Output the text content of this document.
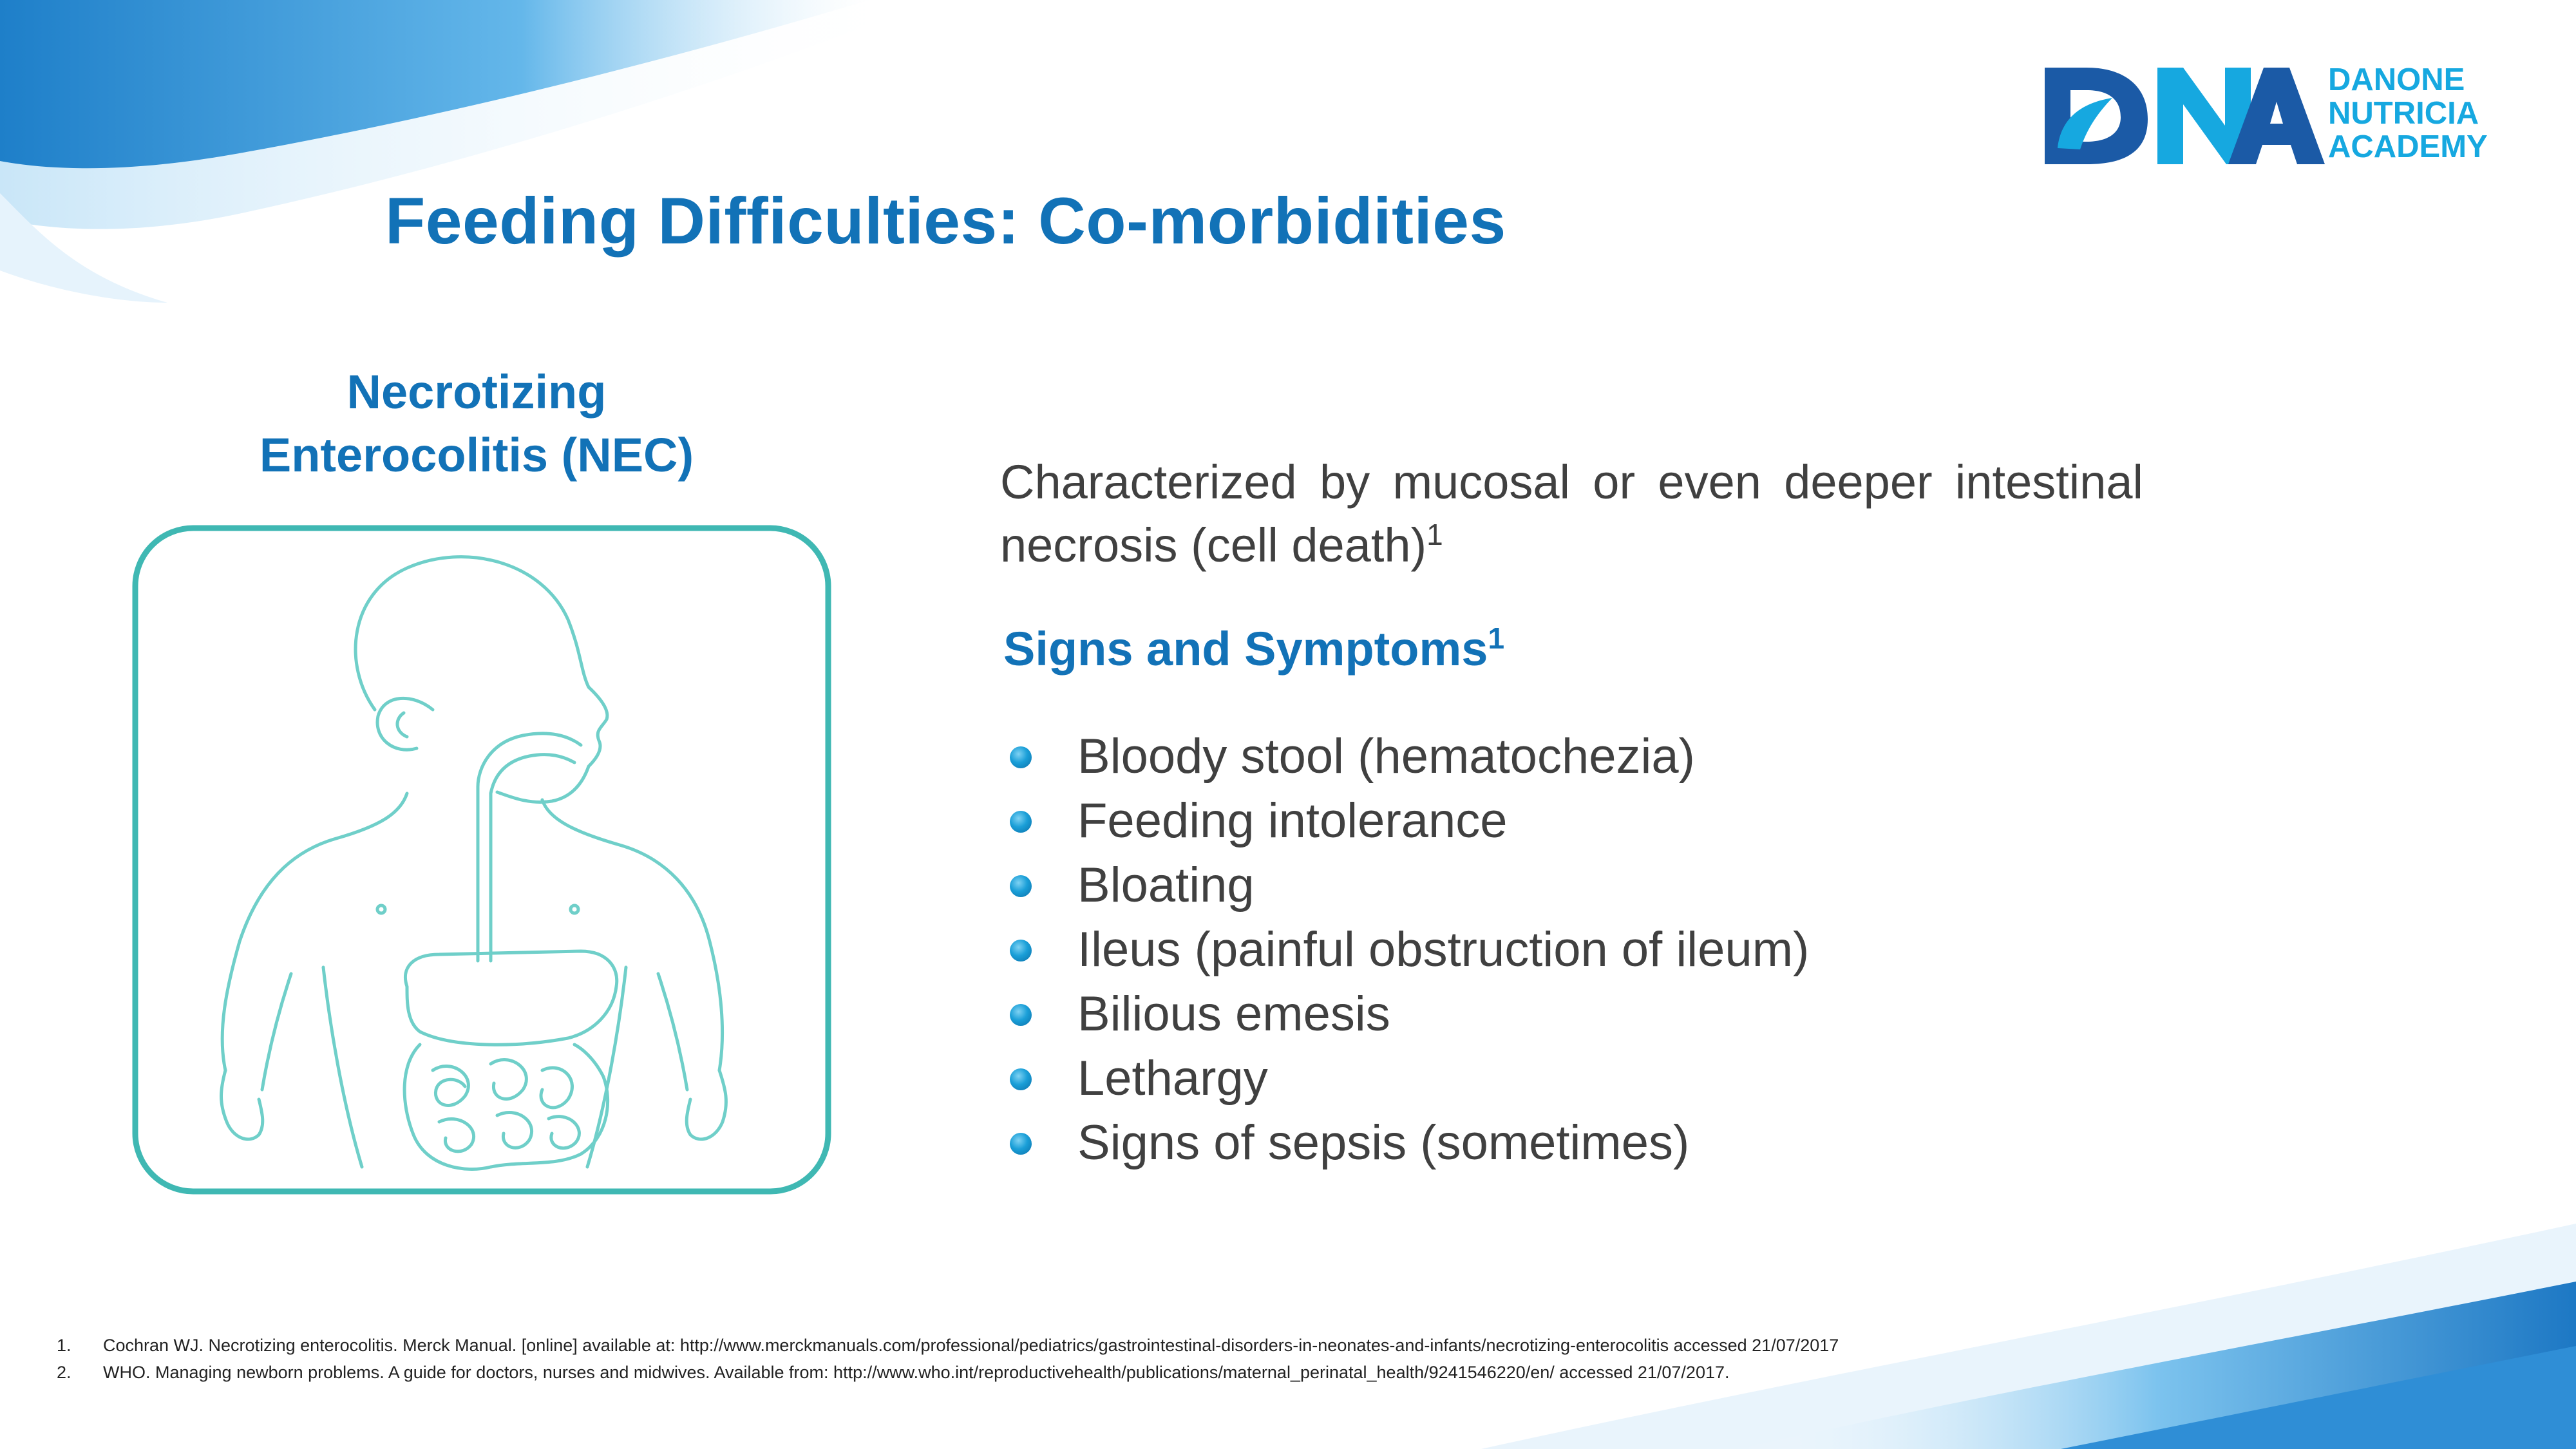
Feeding Difficulties: Co-morbidities
DANONE
NUTRICIA
ACADEMY
Necrotizing
Enterocolitis (NEC)
Characterized by mucosal or even deeper intestinal necrosis (cell death)$^1$
Signs and Symptoms$^1$
Bloody stool (hematochezia)
Feeding intolerance
Bloating
Ileus (painful obstruction of ileum)
Bilious emesis
Lethargy
Signs of sepsis (sometimes)
1. Cochran WJ. Necrotizing enterocolitis. Merck Manual. [online] available at: http://www.merckmanuals.com/professional/pediatrics/gastrointestinal-disorders-in-neonates-and-infants/necrotizing-enterocolitis accessed 21/07/2017
2. WHO. Managing newborn problems. A guide for doctors, nurses and midwives. Available from: http://www.who.int/reproductivehealth/publications/maternal_perinatal_health/9241546220/en/ accessed 21/07/2017.
